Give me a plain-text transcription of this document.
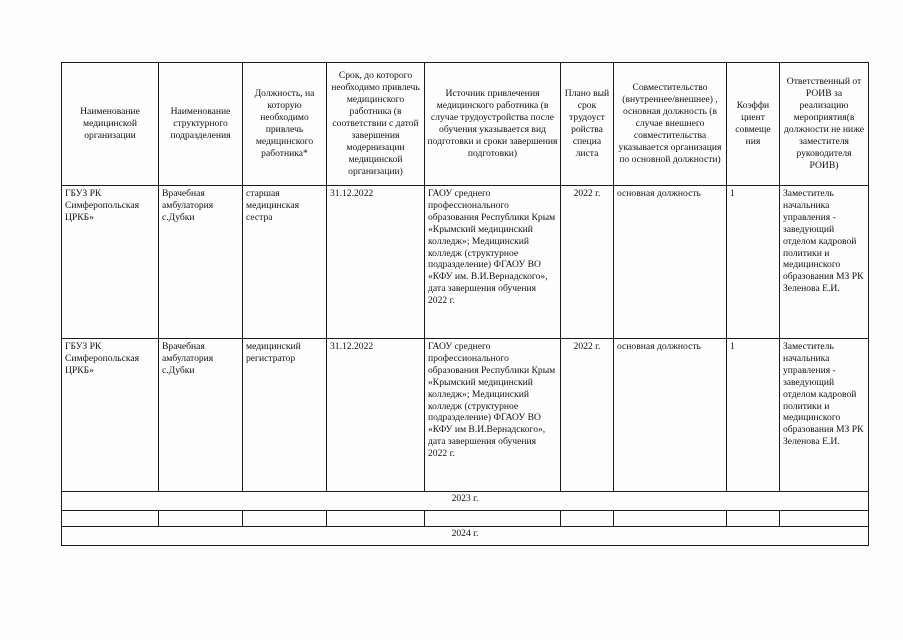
Наименование медицинской организации	Наименование структурного подразделения	Должность, на которую необходимо привлечь медицинского работника*	Срок, до которого необходимо привлечь медицинского работника (в соответствии с датой завершения модернизации медицинской организации)	Источник привлечения медицинского работника (в случае трудоустройства после обучения указывается вид подготовки и сроки завершения подготовки)	Плано вый срок трудоуст ройства специа листа	Совместительство (внутреннее/внешнее) , основная должность (в случае внешнего совместительства указывается организация по основной должности)	Коэффи циент совмеще ния	Ответственный от РОИВ за реализацию мероприятия(в должности не ниже заместителя руководителя РОИВ)
ГБУЗ РК Симферопольская ЦРКБ»	Врачебная амбулатория с.Дубки	старшая медицинская сестра	31.12.2022	ГАОУ среднего профессионального образования Республики Крым «Крымский медицинский колледж»; Медицинский колледж (структурное подразделение) ФГАОУ ВО «КФУ им. В.И.Вернадского», дата завершения обучения 2022 г.	2022 г.	основная должность	1	Заместитель начальника управления - заведующий отделом кадровой политики и медицинского образования МЗ РК Зеленова Е.И.
ГБУЗ РК Симферопольская ЦРКБ»	Врачебная амбулатория с.Дубки	медицинский регистратор	31.12.2022	ГАОУ среднего профессионального образования Республики Крым «Крымский медицинский колледж»; Медицинский колледж (структурное подразделение) ФГАОУ ВО «КФУ им В.И.Вернадского», дата завершения обучения 2022 г.	2022 г.	основная должность	1	Заместитель начальника управления - заведующий отделом кадровой политики и медицинского образования МЗ РК Зеленова Е.И.
2023 г.								

2024 г.								
